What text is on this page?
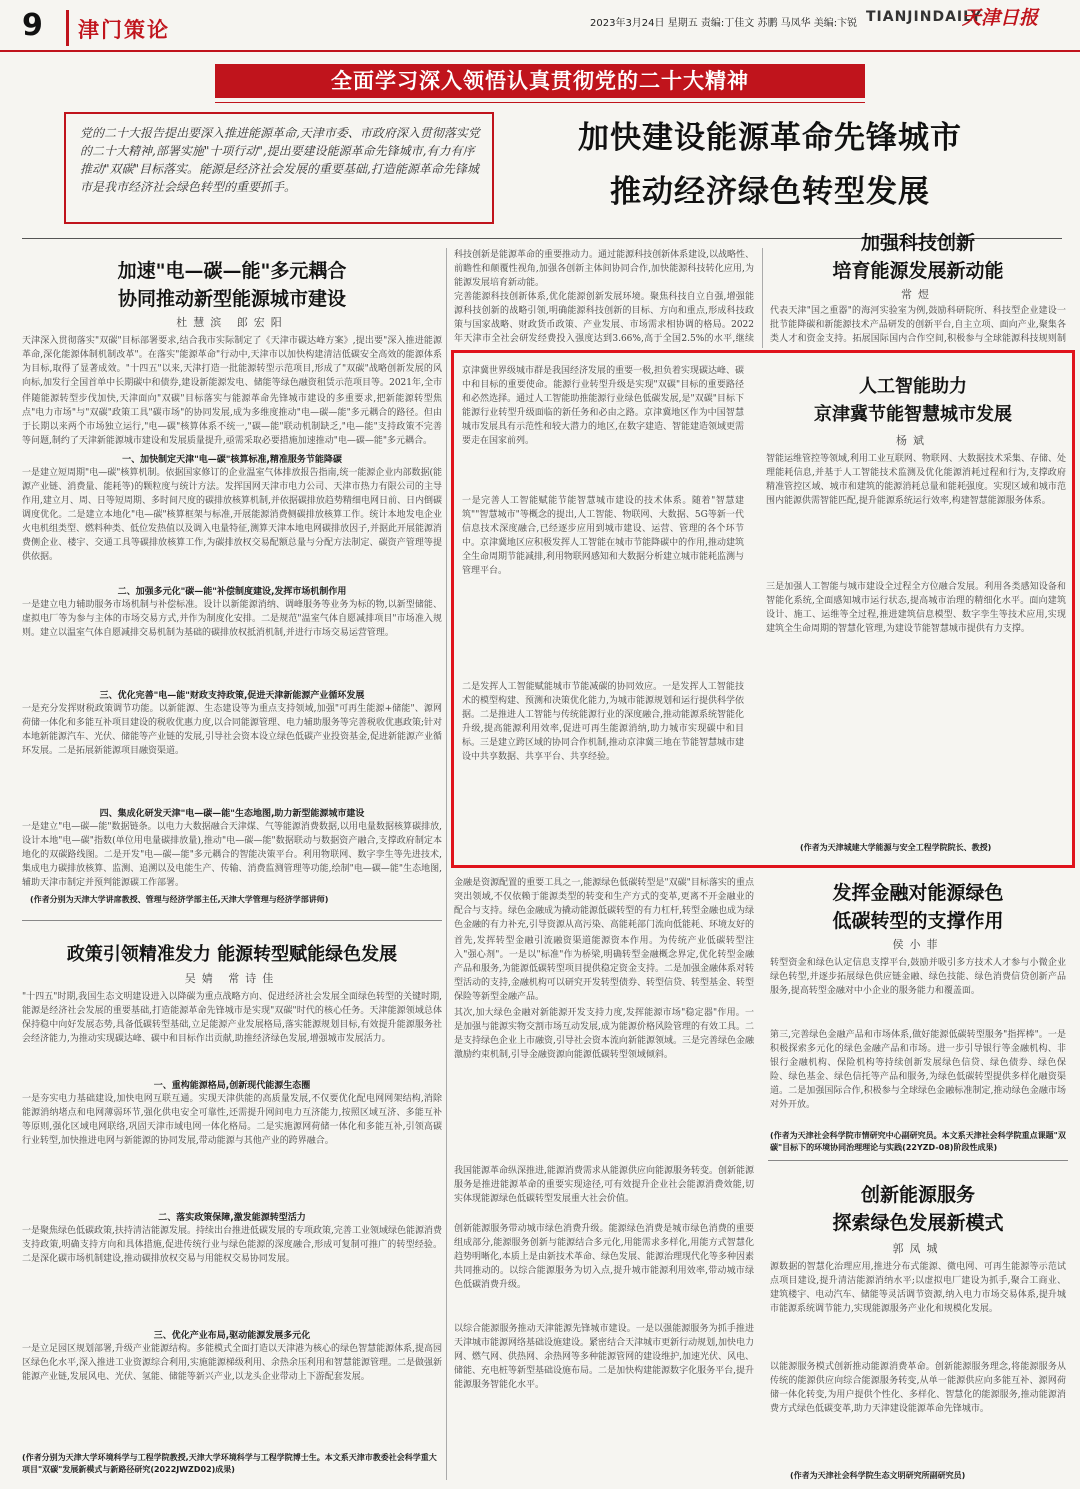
9 津门策论	2023年3月24日 星期五 责编:丁佳文 苏鹏 马凤华 美编:卞锐 TIANJINDAILY
天津日报
全面学习深入领悟认真贯彻党的二十大精神
党的二十大报告提出要深入推进能源革命,天津市委、市政府深入贯彻落实党的二十大精神,部署实施"十项行动",提出要建设能源革命先锋城市,有力有序推动"双碳"目标落实。能源是经济社会发展的重要基础,打造能源革命先锋城市是我市经济社会绿色转型的重要抓手。
加快建设能源革命先锋城市
推动经济绿色转型发展
加速"电—碳—能"多元耦合
协同推动新型能源城市建设
杜慧滨 郎宏阳
天津深入贯彻落实"双碳"目标部署要求,结合我市实际制定了《天津市碳达峰方案》,提出要"深入推进能源革命,深化能源体制机制改革"。在落实"能源革命"行动中,天津市以加快构建清洁低碳安全高效的能源体系为目标,取得了显著成效。"十四五"以来,天津打造一批能源转型示范项目,形成了"双碳"战略创新发展的风向标,加发行全国首单中长期碳中和债券,建设新能源发电、储能等绿色融资租赁示范项目等。2021年,全市
伴随能源转型步伐加快,天津面向"双碳"目标落实与能源革命先锋城市建设的多重要求,把新能源转型焦点"电力市场"与"双碳"政策工具"碳市场"的协同发展,成为多维度推动"电—碳—能"多元耦合的路径。但由于长期以来两个市场独立运行,"电—碳"核算体系不统一,"碳—能"联动机制缺乏,"电—能"支持政策不完善等问题,制约了天津新能源城市建设和发展质量提升,亟需采取必要措施加速推动"电—碳—能"多元耦合。
一、加快制定天津"电—碳"核算标准,精准服务节能降碳
一是建立短周期"电—碳"核算机制。依据国家修订的企业温室气体排放报告指南,统一能源企业内部数据(能源产业链、消费量、能耗等)的颗粒度与统计方法。发挥国网天津市电力公司、天津市热力有限公司的主导作用,建立月、周、日等短周期、多时间尺度的碳排放核算机制,并依据碳排放趋势精细电网日前、日内倒碳调度优化。二是建立本地化"电—碳"核算框架与标准,开展能源消费侧碳排放核算工作。统计本地发电企业火电机组类型、燃料种类、低位发热值以及调入电量特征,测算天津本地电网碳排放因子,并据此开展能源消费侧企业、楼宇、交通工具等碳排放核算工作,为碳排放权交易配额总量与分配方法制定、碳资产管理等提供依据。
二、加强多元化"碳—能"补偿制度建设,发挥市场机制作用
一是建立电力辅助服务市场机制与补偿标准。设计以新能源消纳、调峰服务等业务为标的物,以新型储能、虚拟电厂等为参与主体的市场交易方式,并作为制度化安排。二是规范"温室气体自愿减排项目"市场准入规则。建立以温室气体自愿减排交易机制为基础的碳排放权抵消机制,并进行市场交易运营管理。
三、优化完善"电—能"财政支持政策,促进天津新能源产业循环发展
一是充分发挥财税政策调节功能。以新能源、生态建设等为重点支持领域,加强"可再生能源+储能"、源网荷储一体化和多能互补项目建设的税收优惠力度,以合同能源管理、电力辅助服务等完善税收优惠政策;针对本地新能源汽车、光伏、储能等产业链的发展,引导社会资本设立绿色低碳产业投资基金,促进新能源产业循环发展。二是拓展新能源项目融资渠道。
四、集成化研发天津"电—碳—能"生态地图,助力新型能源城市建设
一是建立"电—碳—能"数据链条。以电力大数据融合天津煤、气等能源消费数据,以用电量数据核算碳排放,设计本地"电—碳"指数(单位用电量碳排放量),推动"电—碳—能"数据联动与数据资产融合,支撑政府制定本地化的双碳路线图。二是开发"电—碳—能"多元耦合的智能决策平台。利用物联网、数字孪生等先进技术,集成电力碳排放核算、监测、追溯以及电能生产、传输、消费监测管理等功能,绘制"电—碳—能"生态地图,辅助天津市制定并预判能源碳工作部署。
(作者分别为天津大学讲席教授、管理与经济学部主任,天津大学管理与经济学部讲师)
政策引领精准发力 能源转型赋能绿色发展
吴婧 常诗佳
"十四五"时期,我国生态文明建设进入以降碳为重点战略方向、促进经济社会发展全面绿色转型的关键时期,能源是经济社会发展的重要基础,打造能源革命先锋城市是实现"双碳"时代的核心任务。天津能源领域总体保持稳中向好发展态势,具备低碳转型基础,立足能源产业发展格局,落实能源规划目标,有效提升能源服务社会经济能力,为推动实现碳达峰、碳中和目标作出贡献,助推经济绿色发展,增强城市发展活力。
一、重构能源格局,创新现代能源生态圈
一是夯实电力基础建设,加快电网互联互通。实现天津供能的高质量发展,不仅要优化配电网网架结构,消除能源消纳堵点和电网薄弱环节,强化供电安全可靠性,还需提升网间电力互济能力,按照区域互济、多能互补等原则,强化区域电网联络,巩固天津市域电网一体化格局。二是实施源网荷储一体化和多能互补,引领高碳行业转型,加快推进电网与新能源的协同发展,带动能源与其他产业的跨界融合。
二、落实政策保障,激发能源转型活力
一是聚焦绿色低碳政策,扶持清洁能源发展。持续出台推进低碳发展的专项政策,完善工业领域绿色能源消费支持政策,明确支持方向和具体措施,促进传统行业与绿色能源的深度融合,形成可复制可推广的转型经验。二是深化碳市场机制建设,推动碳排放权交易与用能权交易协同发展。
三、优化产业布局,驱动能源发展多元化
一是立足园区规划部署,升级产业能源结构。多能模式全面打造以天津港为核心的绿色智慧能源体系,提高园区绿色化水平,深入推进工业资源综合利用,实施能源梯级利用、余热余压利用和智慧能源管理。二是做强新能源产业链,发展风电、光伏、氢能、储能等新兴产业,以龙头企业带动上下游配套发展。
(作者分别为天津大学环境科学与工程学院教授,天津大学环境科学与工程学院博士生。本文系天津市教委社会科学重大项目"双碳"发展新模式与新路径研究(2022JWZD02)成果)
科技创新是能源革命的重要推动力。通过能源科技创新体系建设,以战略性、前瞻性和颠覆性视角,加强各创新主体间协同合作,加快能源科技转化应用,为能源发展培育新动能。
完善能源科技创新体系,优化能源创新发展环境。聚焦科技自立自强,增强能源科技创新的战略引领,明确能源科技创新的目标、方向和重点,形成科技政策与国家战略、财政货币政策、产业发展、市场需求相协调的格局。2022年天津市全社会研发经费投入强度达到3.66%,高于全国2.5%的水平,继续
金融是资源配置的重要工具之一,能源绿色低碳转型是"双碳"目标落实的重点突出领域,不仅依赖于能源类型的转变和生产方式的变革,更离不开金融业的配合与支持。绿色金融成为撬动能源低碳转型的有力杠杆,转型金融也成为绿色金融的有力补充,引导资源从高污染、高能耗部门流向低能耗、环境友好的
首先,发挥转型金融引流融资渠道能源资本作用。为传统产业低碳转型注入"强心剂"。一是以"标准"作为桥梁,明确转型金融概念界定,优化转型金融产品和服务,为能源低碳转型项目提供稳定资金支持。二是加强金融体系对转型活动的支持,金融机构可以研究开发转型债券、转型信贷、转型基金、转型保险等新型金融产品。
其次,加大绿色金融对新能源开发支持力度,发挥能源市场"稳定器"作用。一是加强与能源实物交割市场互动发展,成为能源价格风险管理的有效工具。二是支持绿色企业上市融资,引导社会资本流向新能源领域。三是完善绿色金融激励约束机制,引导金融资源向能源低碳转型领域倾斜。
我国能源革命纵深推进,能源消费需求从能源供应向能源服务转变。创新能源服务是推进能源革命的重要实现途径,可有效提升企业社会能源消费效能,切实体现能源绿色低碳转型发展重大社会价值。
创新能源服务带动城市绿色消费升级。能源绿色消费是城市绿色消费的重要组成部分,能源服务创新与能源结合多元化,用能需求多样化,用能方式智慧化趋势明晰化,本质上是由新技术革命、绿色发展、能源治理现代化等多种因素共同推动的。以综合能源服务为切入点,提升城市能源利用效率,带动城市绿色低碳消费升级。
以综合能源服务推动天津能源先锋城市建设。一是以强能源服务为抓手推进天津城市能源网络基础设施建设。紧密结合天津城市更新行动规划,加快电力网、燃气网、供热网、余热网等多种能源管网的建设维护,加速光伏、风电、储能、充电桩等新型基础设施布局。二是加快构建能源数字化服务平台,提升能源服务智能化水平。
加强科技创新
培育能源发展新动能
常煜
代表天津"国之重器"的海河实验室为例,鼓励科研院所、科技型企业建设一批节能降碳和新能源技术产品研发的创新平台,自主立项、面向产业,聚集各类人才和资金支持。拓展国际国内合作空间,积极参与全球能源科技规则制
京津冀世界级城市群是我国经济发展的重要一极,担负着实现碳达峰、碳中和目标的重要使命。能源行业转型升级是实现"双碳"目标的重要路径和必然选择。通过人工智能助推能源行业绿色低碳发展,是"双碳"目标下能源行业转型升级面临的新任务和必由之路。京津冀地区作为中国智慧城市发展具有示范性和较大潜力的地区,在数字建造、智能建造领域更需要走在国家前列。
一是完善人工智能赋能节能智慧城市建设的技术体系。随着"智慧建筑""智慧城市"等概念的提出,人工智能、物联网、大数据、5G等新一代信息技术深度融合,已经逐步应用到城市建设、运营、管理的各个环节中。京津冀地区应积极发挥人工智能在城市节能降碳中的作用,推动建筑全生命周期节能减排,利用物联网感知和大数据分析建立城市能耗监测与管理平台。
二是发挥人工智能赋能城市节能减碳的协同效应。一是发挥人工智能技术的模型构建、预测和决策优化能力,为城市能源规划和运行提供科学依据。二是推进人工智能与传统能源行业的深度融合,推动能源系统智能化升级,提高能源利用效率,促进可再生能源消纳,助力城市实现碳中和目标。三是建立跨区域的协同合作机制,推动京津冀三地在节能智慧城市建设中共享数据、共享平台、共享经验。
人工智能助力
京津冀节能智慧城市发展
杨斌
智能运维管控等领域,利用工业互联网、物联网、大数据技术采集、存储、处理能耗信息,并基于人工智能技术监测及优化能源消耗过程和行为,支撑政府精准管控区域、城市和建筑的能源消耗总量和能耗强度。实现区域和城市范围内能源供需智能匹配,提升能源系统运行效率,构建智慧能源服务体系。
三是加强人工智能与城市建设全过程全方位融合发展。利用各类感知设备和智能化系统,全面感知城市运行状态,提高城市治理的精细化水平。面向建筑设计、施工、运维等全过程,推进建筑信息模型、数字孪生等技术应用,实现建筑全生命周期的智慧化管理,为建设节能智慧城市提供有力支撑。
(作者为天津城建大学能源与安全工程学院院长、教授)
发挥金融对能源绿色
低碳转型的支撑作用
侯小菲
转型资金和绿色认定信息支撑平台,鼓励并吸引多方技术人才参与小微企业绿色转型,并逐步拓展绿色供应链金融、绿色技能、绿色消费信贷创新产品服务,提高转型金融对中小企业的服务能力和覆盖面。
第三,完善绿色金融产品和市场体系,做好能源低碳转型服务"指挥棒"。一是积极探索多元化的绿色金融产品和市场。进一步引导银行等金融机构、非银行金融机构、保险机构等持续创新发展绿色信贷、绿色债券、绿色保险、绿色基金、绿色信托等产品和服务,为绿色低碳转型提供多样化融资渠道。二是加强国际合作,积极参与全球绿色金融标准制定,推动绿色金融市场对外开放。
(作者为天津社会科学院市情研究中心副研究员。本文系天津社会科学院重点课题"双碳"目标下的环境协同治理理论与实践(22YZD-08)阶段性成果)
创新能源服务
探索绿色发展新模式
郭凤城
源数据的智慧化治理应用,推进分布式能源、微电网、可再生能源等示范试点项目建设,提升清洁能源消纳水平;以虚拟电厂建设为抓手,聚合工商业、建筑楼宇、电动汽车、储能等灵活调节资源,纳入电力市场交易体系,提升城市能源系统调节能力,实现能源服务产业化和规模化发展。
以能源服务模式创新推动能源消费革命。创新能源服务理念,将能源服务从传统的能源供应向综合能源服务转变,从单一能源供应向多能互补、源网荷储一体化转变,为用户提供个性化、多样化、智慧化的能源服务,推动能源消费方式绿色低碳变革,助力天津建设能源革命先锋城市。
(作者为天津社会科学院生态文明研究所副研究员)
